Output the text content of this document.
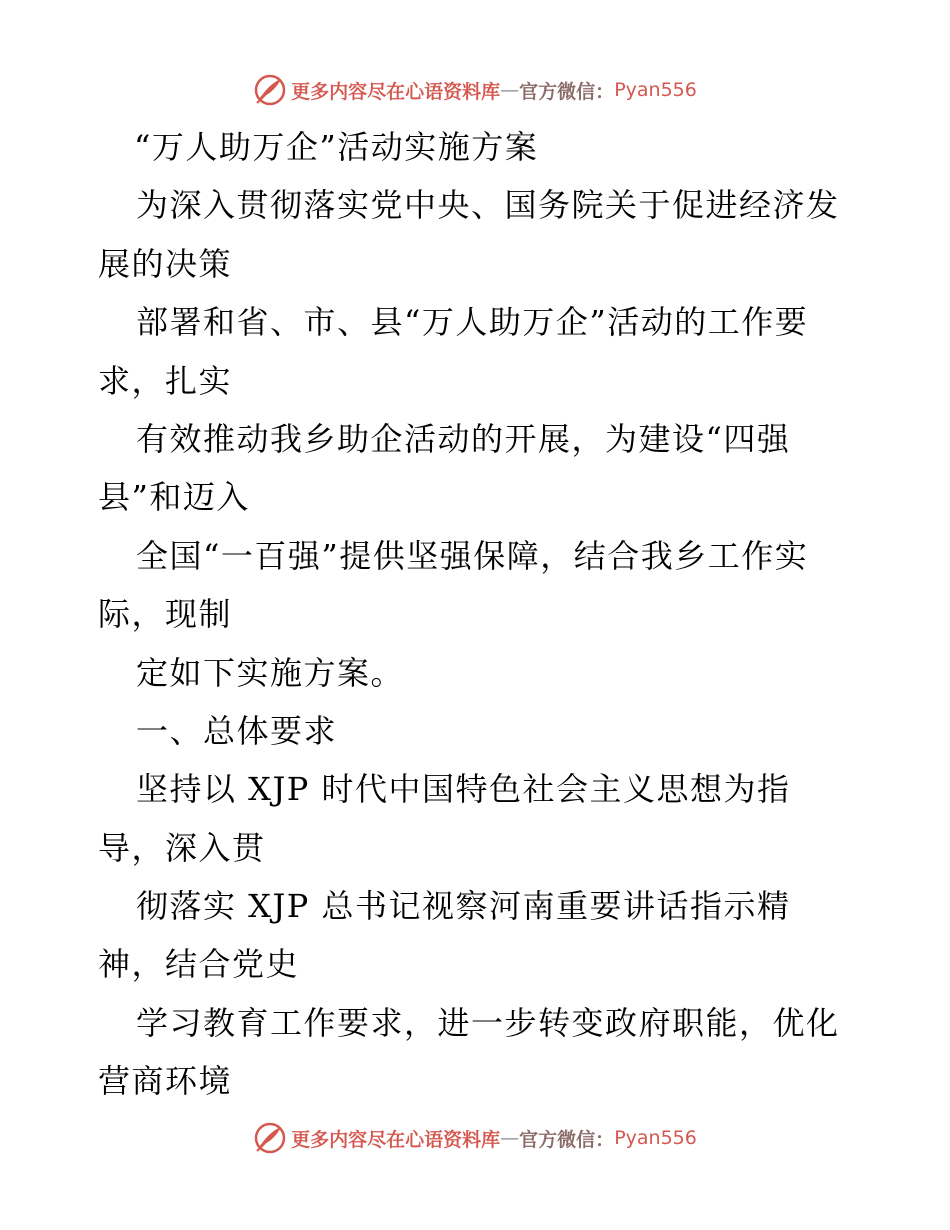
更多内容尽在心语资料库 — 官方微信： Pyan556
“万人助万企”活动实施方案
为深入贯彻落实党中央、国务院关于促进经济发
展的决策
部署和省、市、县“万人助万企”活动的工作要
求，扎实
有效推动我乡助企活动的开展，为建设“四强
县”和迈入
全国“一百强”提供坚强保障，结合我乡工作实
际，现制
定如下实施方案。
一、总体要求
坚持以 XJP 时代中国特色社会主义思想为指
导，深入贯
彻落实 XJP 总书记视察河南重要讲话指示精
神，结合党史
学习教育工作要求，进一步转变政府职能，优化
营商环境
更多内容尽在心语资料库 — 官方微信： Pyan556
